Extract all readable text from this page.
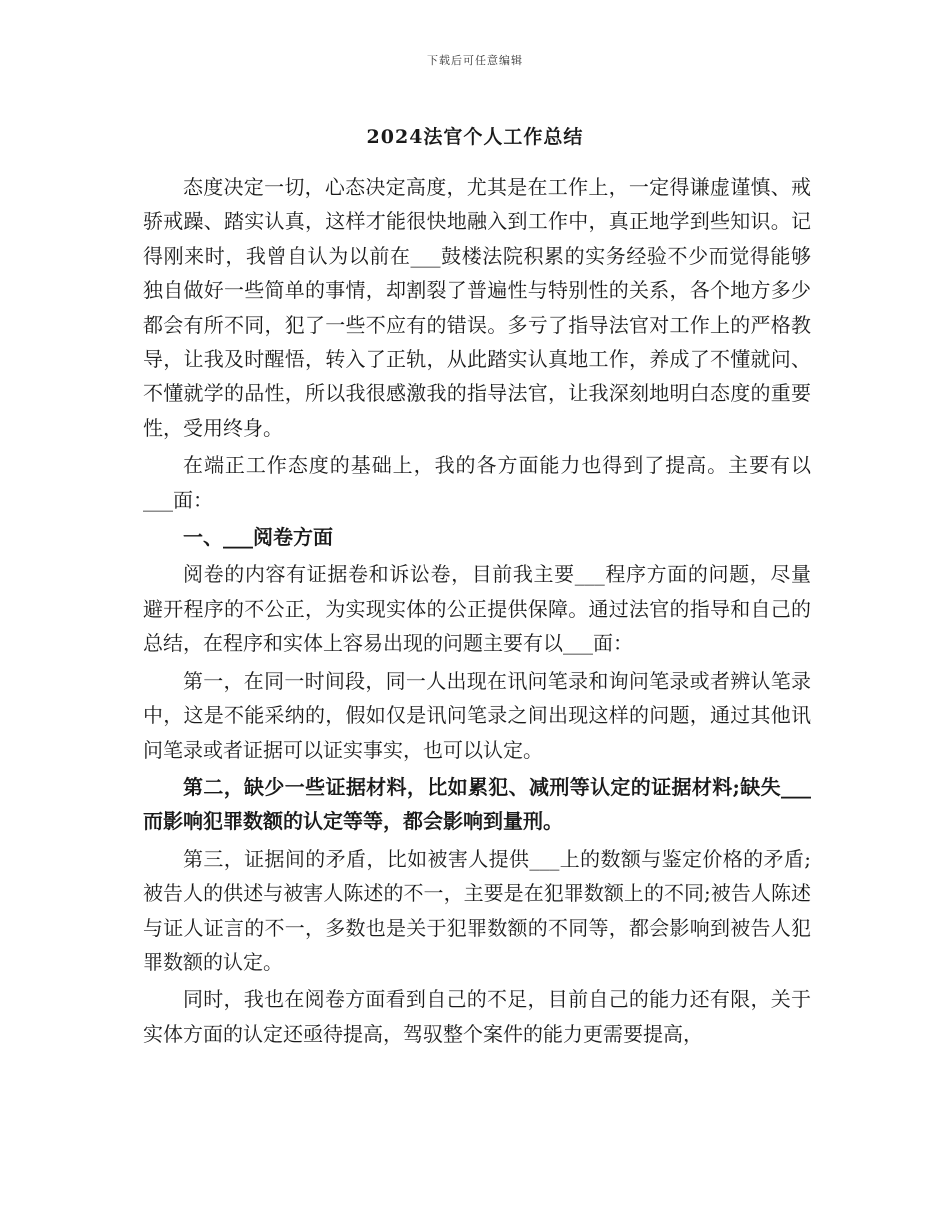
下载后可任意编辑
2024法官个人工作总结

态度决定一切，心态决定高度，尤其是在工作上，一定得谦虚谨慎、戒骄戒躁、踏实认真，这样才能很快地融入到工作中，真正地学到些知识。记得刚来时，我曾自认为以前在___鼓楼法院积累的实务经验不少而觉得能够独自做好一些简单的事情，却割裂了普遍性与特别性的关系，各个地方多少都会有所不同，犯了一些不应有的错误。多亏了指导法官对工作上的严格教导，让我及时醒悟，转入了正轨，从此踏实认真地工作，养成了不懂就问、不懂就学的品性，所以我很感激我的指导法官，让我深刻地明白态度的重要性，受用终身。

在端正工作态度的基础上，我的各方面能力也得到了提高。主要有以___面：

一、___阅卷方面

阅卷的内容有证据卷和诉讼卷，目前我主要___程序方面的问题，尽量避开程序的不公正，为实现实体的公正提供保障。通过法官的指导和自己的总结，在程序和实体上容易出现的问题主要有以___面：

第一，在同一时间段，同一人出现在讯问笔录和询问笔录或者辨认笔录中，这是不能采纳的，假如仅是讯问笔录之间出现这样的问题，通过其他讯问笔录或者证据可以证实事实，也可以认定。

第二，缺少一些证据材料，比如累犯、减刑等认定的证据材料;缺失___而影响犯罪数额的认定等等，都会影响到量刑。

第三，证据间的矛盾，比如被害人提供___上的数额与鉴定价格的矛盾;被告人的供述与被害人陈述的不一，主要是在犯罪数额上的不同;被告人陈述与证人证言的不一，多数也是关于犯罪数额的不同等，都会影响到被告人犯罪数额的认定。

同时，我也在阅卷方面看到自己的不足，目前自己的能力还有限，关于实体方面的认定还亟待提高，驾驭整个案件的能力更需要提高，
